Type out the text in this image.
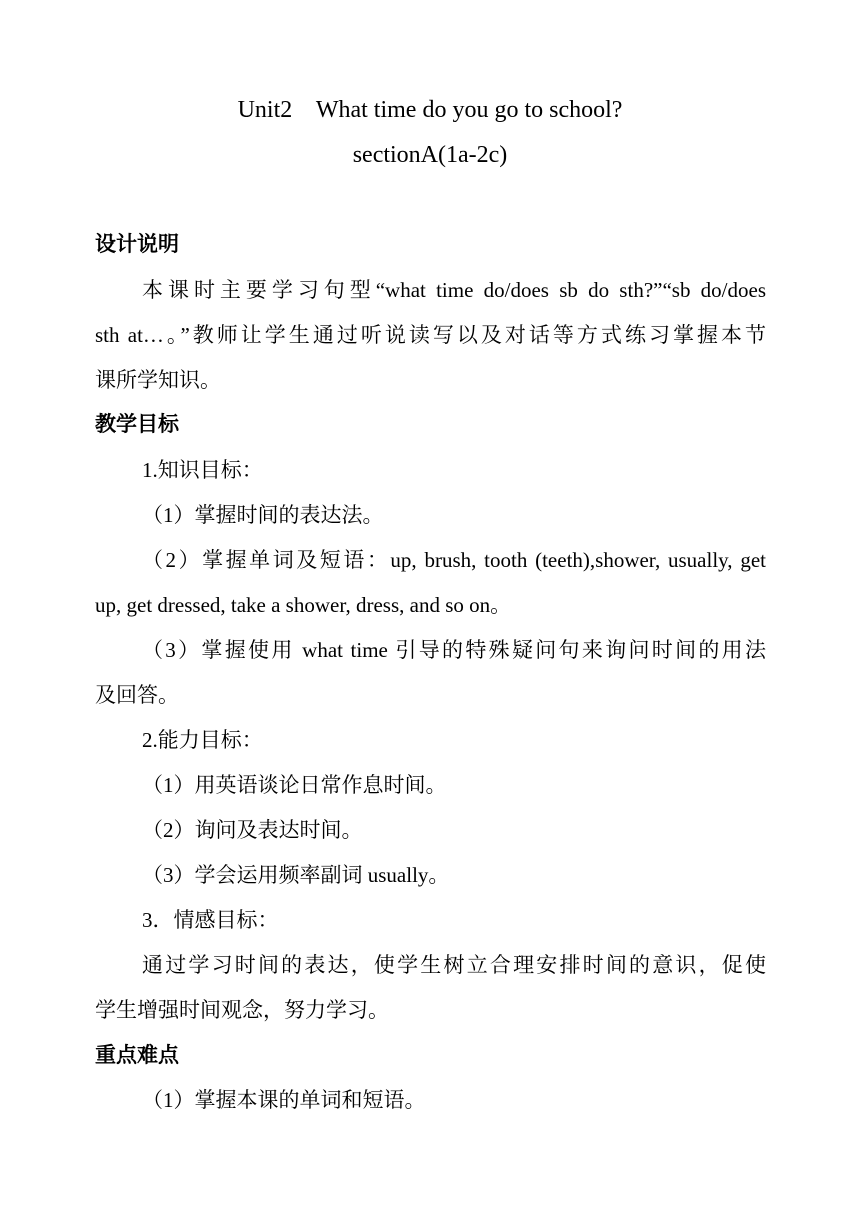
Unit2    What time do you go to school?
sectionA(1a-2c)
设计说明
本课时主要学习句型“what time do/does sb do sth?”“sb do/does
sth at…。”教师让学生通过听说读写以及对话等方式练习掌握本节
课所学知识。
教学目标
1.知识目标：
（1）掌握时间的表达法。
（2）掌握单词及短语：up, brush, tooth (teeth),shower, usually, get
up, get dressed, take a shower, dress, and so on。
（3）掌握使用 what time 引导的特殊疑问句来询问时间的用法
及回答。
2.能力目标：
（1）用英语谈论日常作息时间。
（2）询问及表达时间。
（3）学会运用频率副词 usually。
3．情感目标：
通过学习时间的表达，使学生树立合理安排时间的意识，促使
学生增强时间观念，努力学习。
重点难点
（1）掌握本课的单词和短语。
